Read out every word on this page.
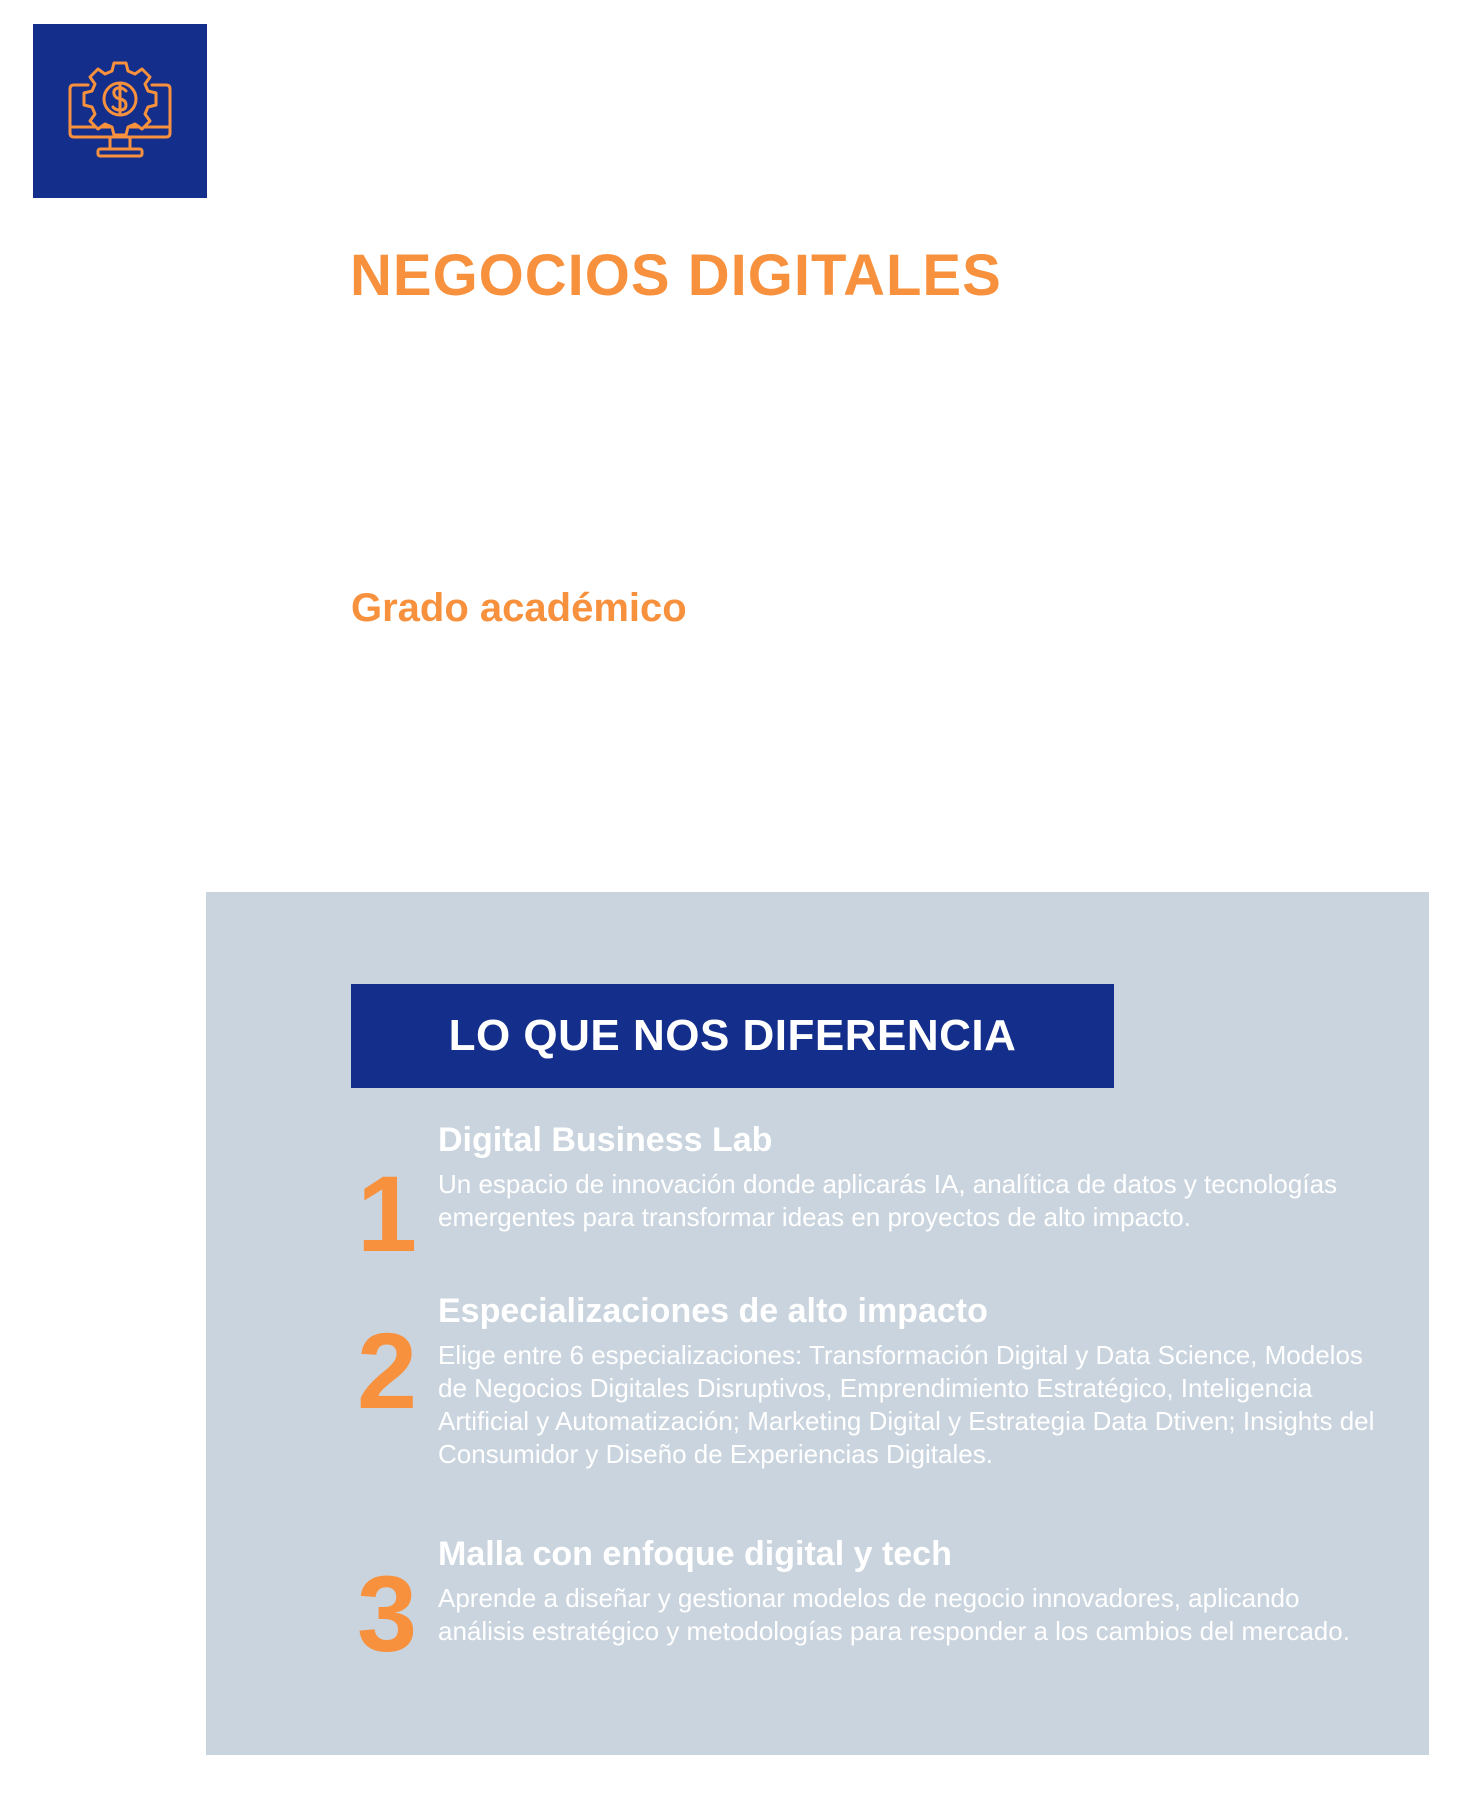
NEGOCIOS DIGITALES
Grado académico
LO QUE NOS DIFERENCIA
1
Digital Business Lab

Un espacio de innovación donde aplicarás IA, analítica de datos y tecnologías emergentes para transformar ideas en proyectos de alto impacto.

2 Especializaciones de alto impacto

Elige entre 6 especializaciones: Transformación Digital y Data Science, Modelos de Negocios Digitales Disruptivos, Emprendimiento Estratégico, Inteligencia Artificial y Automatización; Marketing Digital y Estrategia Data Dtiven; Insights del Consumidor y Diseño de Experiencias Digitales.

3 Malla con enfoque digital y tech

Aprende a diseñar y gestionar modelos de negocio innovadores, aplicando análisis estratégico y metodologías para responder a los cambios del mercado.
